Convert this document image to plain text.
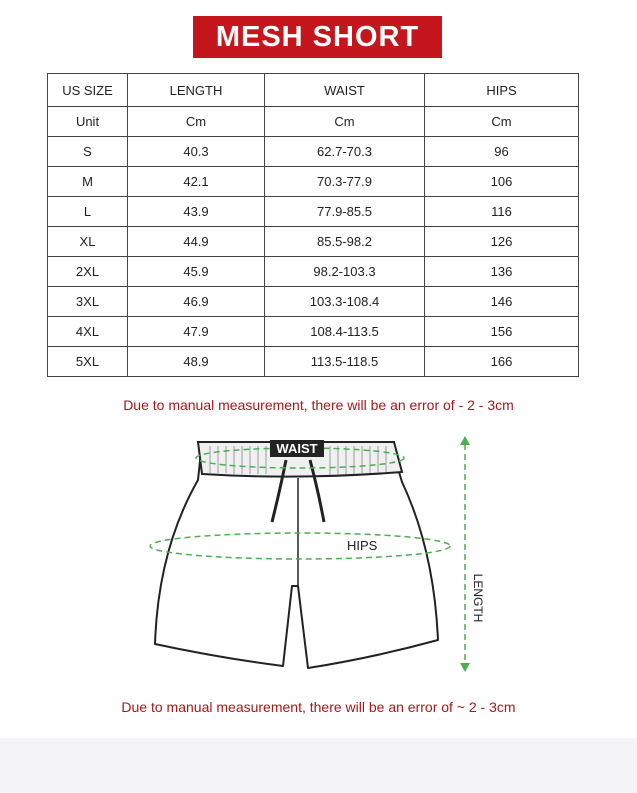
MESH SHORT
US SIZE	LENGTH	WAIST	HIPS
Unit	Cm	Cm	Cm
S	40.3	62.7-70.3	96
M	42.1	70.3-77.9	106
L	43.9	77.9-85.5	116
XL	44.9	85.5-98.2	126
2XL	45.9	98.2-103.3	136
3XL	46.9	103.3-108.4	146
4XL	47.9	108.4-113.5	156
5XL	48.9	113.5-118.5	166
Due to manual measurement, there will be an error of - 2 - 3cm
WAIST
HIPS
LENGTH
Due to manual measurement, there will be an error of ~ 2 - 3cm
